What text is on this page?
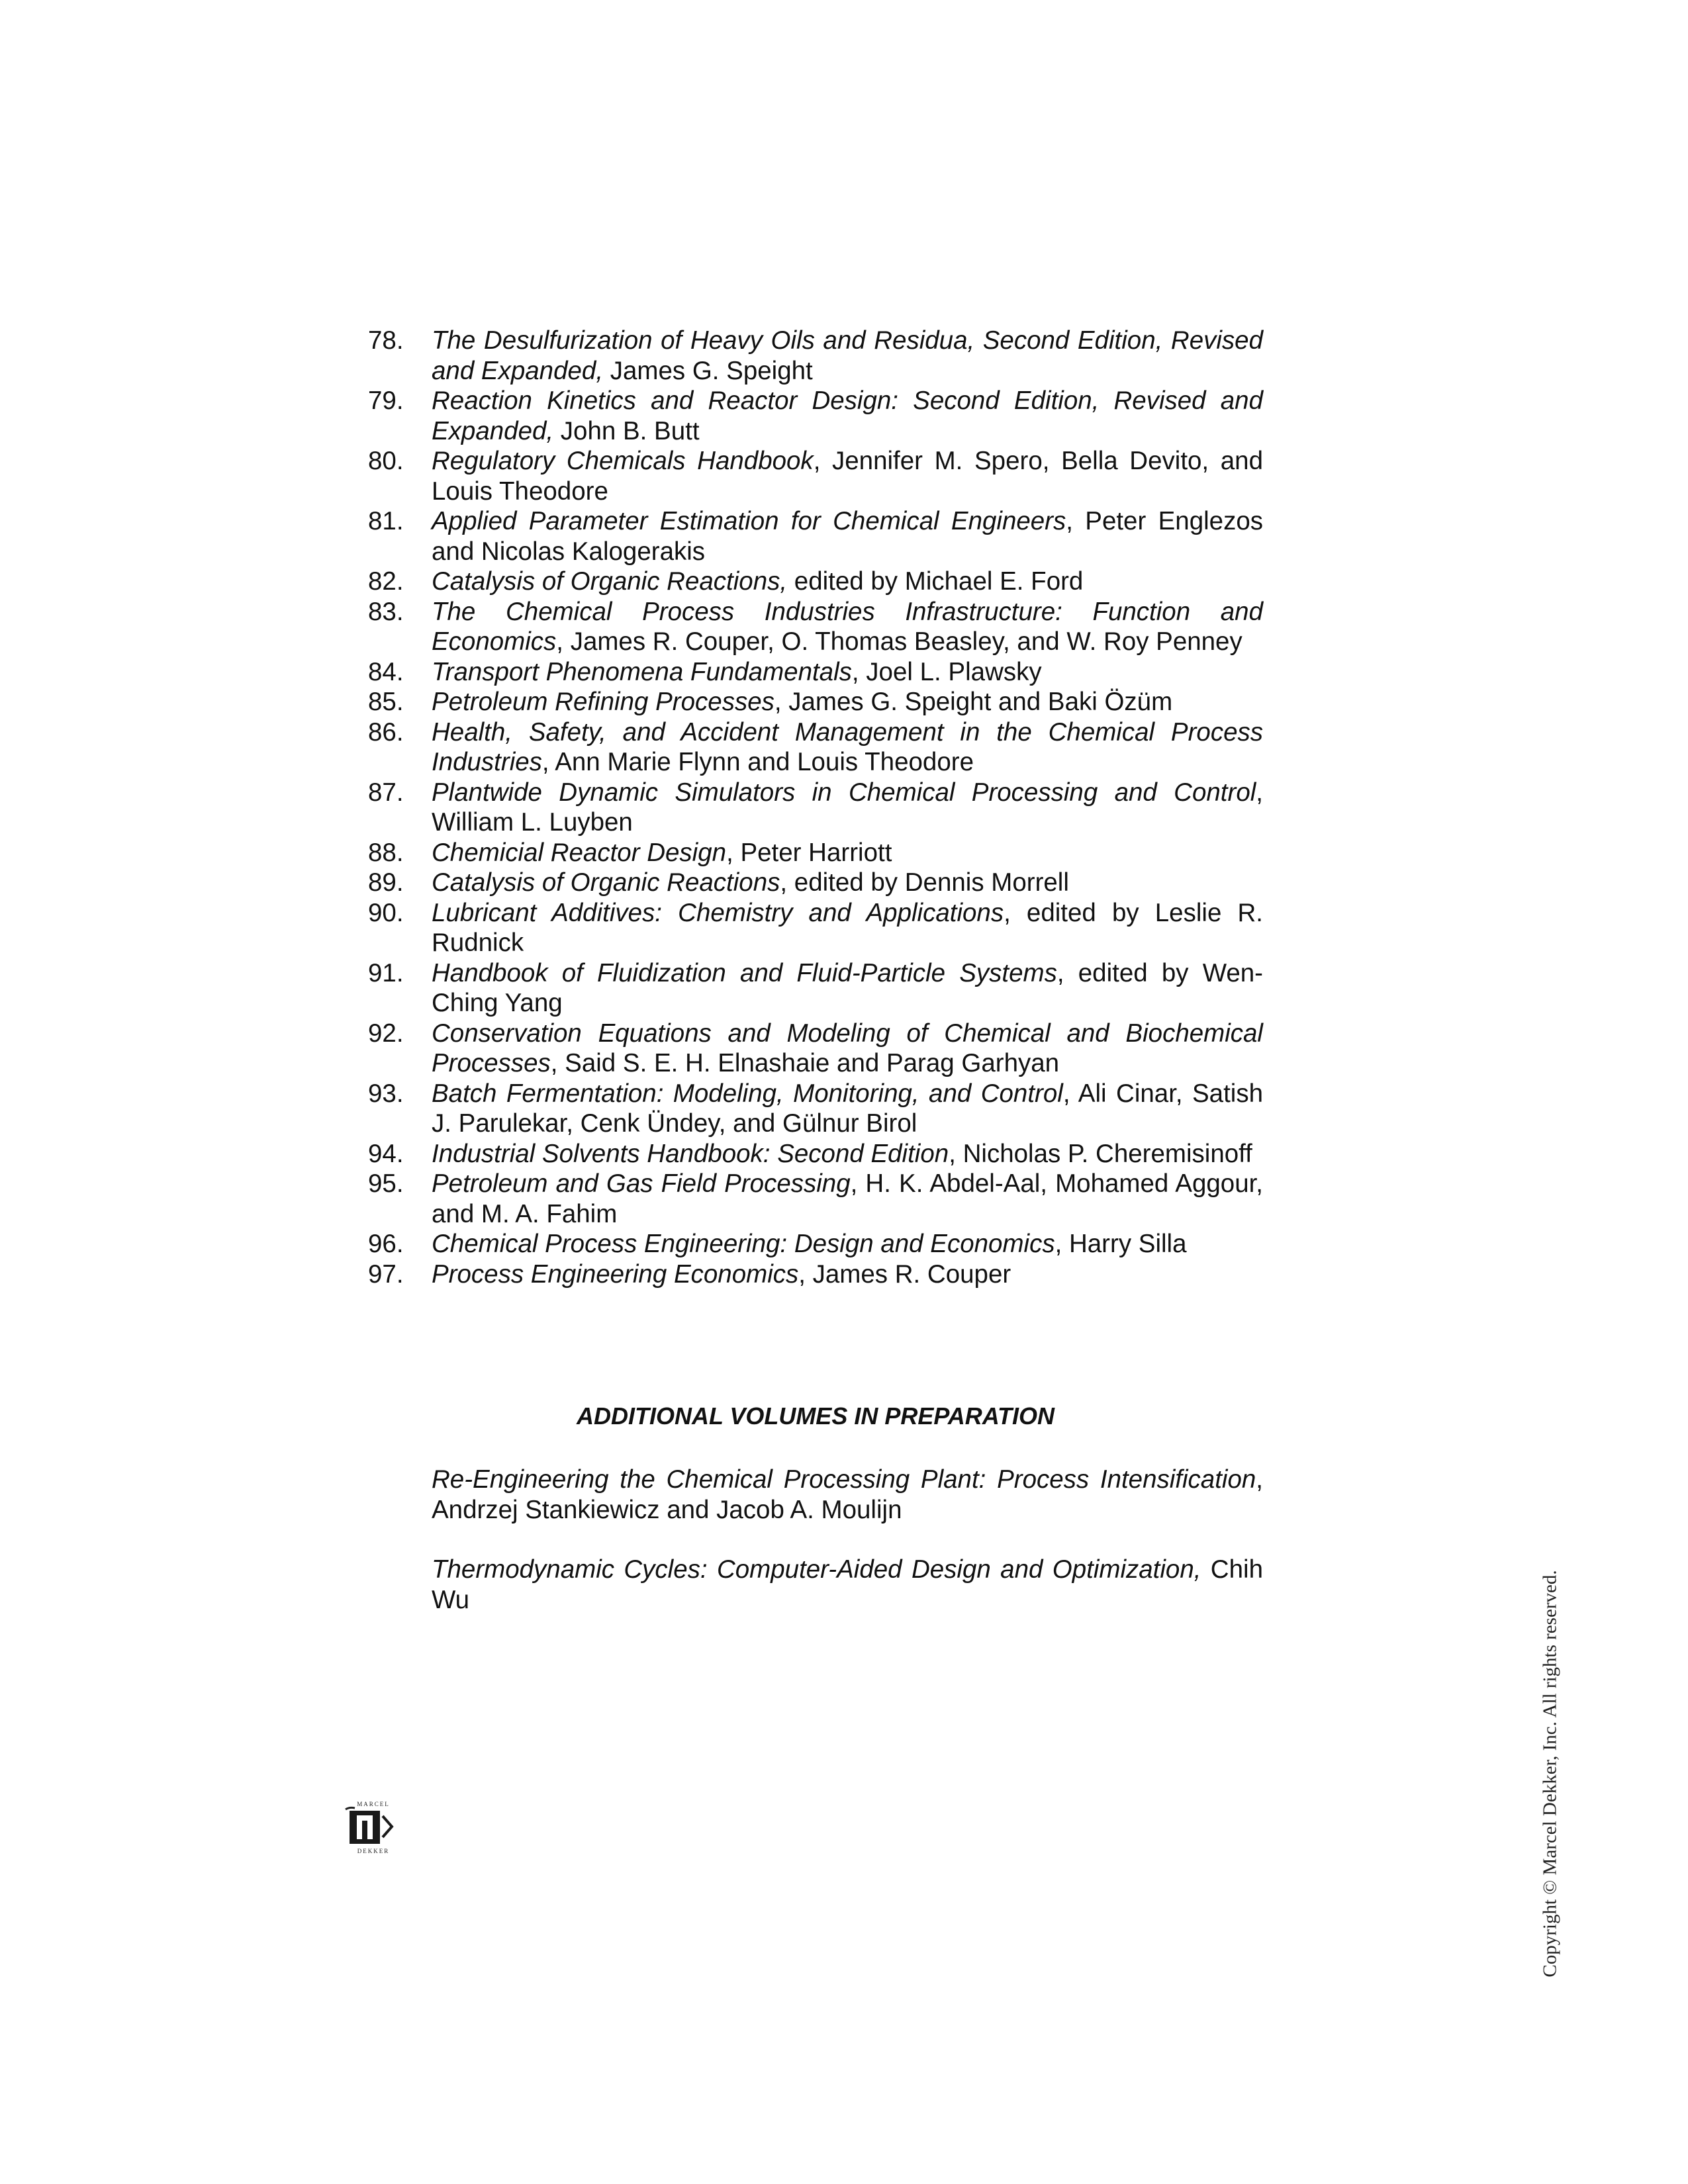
78.	The Desulfurization of Heavy Oils and Residua, Second Edition, Revised and Expanded, James G. Speight
79.	Reaction Kinetics and Reactor Design: Second Edition, Revised and Expanded, John B. Butt
80.	Regulatory Chemicals Handbook, Jennifer M. Spero, Bella Devito, and Louis Theodore
81.	Applied Parameter Estimation for Chemical Engineers, Peter Englezos and Nicolas Kalogerakis
82.	Catalysis of Organic Reactions, edited by Michael E. Ford
83.	The Chemical Process Industries Infrastructure: Function and Economics, James R. Couper, O. Thomas Beasley, and W. Roy Penney
84.	Transport Phenomena Fundamentals, Joel L. Plawsky
85.	Petroleum Refining Processes, James G. Speight and Baki Özüm
86.	Health, Safety, and Accident Management in the Chemical Process Industries, Ann Marie Flynn and Louis Theodore
87.	Plantwide Dynamic Simulators in Chemical Processing and Control, William L. Luyben
88.	Chemicial Reactor Design, Peter Harriott
89.	Catalysis of Organic Reactions, edited by Dennis Morrell
90.	Lubricant Additives: Chemistry and Applications, edited by Leslie R. Rudnick
91.	Handbook of Fluidization and Fluid-Particle Systems, edited by Wen-Ching Yang
92.	Conservation Equations and Modeling of Chemical and Biochemical Processes, Said S. E. H. Elnashaie and Parag Garhyan
93.	Batch Fermentation: Modeling, Monitoring, and Control, Ali Cinar, Satish J. Parulekar, Cenk Ündey, and Gülnur Birol
94.	Industrial Solvents Handbook: Second Edition, Nicholas P. Cheremisinoff
95.	Petroleum and Gas Field Processing, H. K. Abdel-Aal, Mohamed Aggour, and M. A. Fahim
96.	Chemical Process Engineering: Design and Economics, Harry Silla
97.	Process Engineering Economics, James R. Couper
ADDITIONAL VOLUMES IN PREPARATION
Re-Engineering the Chemical Processing Plant: Process Intensification, Andrzej Stankiewicz and Jacob A. Moulijn
Thermodynamic Cycles: Computer-Aided Design and Optimization, Chih Wu
MARCEL
DEKKER	Copyright © Marcel Dekker, Inc. All rights reserved.
